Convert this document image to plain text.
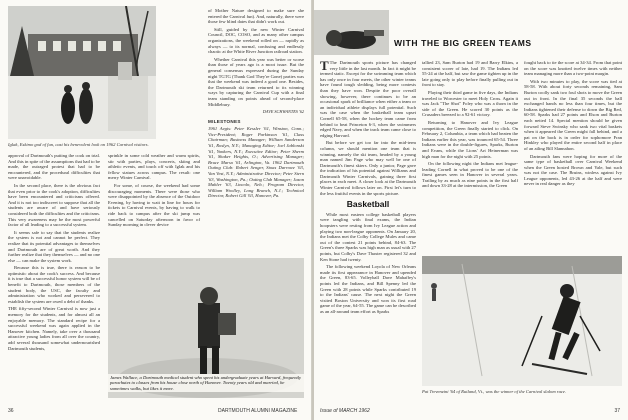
Iglak, Eskimo god of fun, cast his benevolent look on 1962 Carnival visitors.

approval of Dartmouth's putting the cook on trial. And this in spite of the assumptions that had to be made, the outraged protest that had to be encountered, and the procedural difficulties that were unavoidable.

In the second place, there is the obvious fact that even prior to the cook's adoption, difficulties have been encountered and criticisms offered. And it is not too indiscreet to suppose that all the students are aware of and have seriously considered both the difficulties and the criticisms. This very awareness may be the most powerful factor of all leading to a successful system.

It seems safe to say that the students realize the system is not and cannot be perfect. They realize that its potential advantages to themselves and Dartmouth are of great worth. And they further realize that they themselves — and no one else — can make the system work.

Because this is true, there is reason to be optimistic about the cook's success. And because it is true that a successful honor system will be of benefit to Dartmouth, those members of the student body, the USC, the faculty and administration who worked and persevered to establish the system are owed a debt of thanks.

THE fifty-second Winter Carnival is now just a memory for the students, and for almost all an enjoyable memory. The standard recipe for a successful weekend was again applied in the Hanover kitchen. Namely, take over a thousand attractive young ladies from all over the country, add several thousand somewhat undernourished Dartmouth students,

sprinkle in some cold weather and warm spirits, stir with parties, plays, concerts, skiing and athletic events, and touch off with Iglak and his fellow statues across campus. The result: one merry Winter Carnival.

For some, of course, the weekend had some discouraging moments. There were those who were disappointed by the absence of the Outdoor Evening, by having to wait in line for hours for tickets to Carnival events, by having to walk to ride back to campus after the ski jump was cancelled on Saturday afternoon in favor of Sunday morning in clever device

of Mother Nature designed to make sure she entered the Carnival fun). And, naturally, there were those few blind dates that didn't work out.

Still, guided by the new Winter Carnival Council, DOC, COSO, and as many other campus organizations, the weekend rolled on — rapidly as always — to its normal, confusing and endlessly chaotic at the White River Junction railroad station.

Whether Carnival this year was better or worse than those of years ago is a moot issue. But the general consensus expressed during the Sunday night TGTG (Thank God They're Gone) parties was that the weekend was indeed a good one. Besides, the Dartmouth ski team returned to its winning ways by capturing the Carnival Cup with a final team standing on points ahead of second-place Middlebury.

DAVE SCHWANTES '62
MILESTONES

1961 Aegis: Peter Kessler '61, Winston, Conn.; Vice-President; Roger Parkinson '61, Class Chairman; Business Manager; William Sanderson '61, Roslyn, N.Y.; Managing Editor; Joel Jablonski '61, Yonkers, N.Y.; Executive Editor; Peter Sherm '61, Shaker Heights, O.; Advertising Manager; Bruce Marso '61, Arlington, Va. 1962 Dartmouth Outing Club: Robert Senger, Stoas Darrowe '63, Van Vest, N.Y.; Administrative Director; Peter Stern '63, Washington, Pa.; Outing Club Manager; Jason Mahler '63, Lincoln, Neb.; Program Director, William Woolley, Long Branch, N.J.; Technical Director, Robert Gill '63, Hanover, Pa.

James Wallace, a Dartmouth medical student who spent his undergraduate years at Harvard, frequently parachutes to classes from his house close north of Hanover. Twenty years old and married, he sometimes walks, but likes it more.
36	DARTMOUTH ALUMNI MAGAZINE
WITH THE BIG GREEN TEAMS

T The Dartmouth sports picture has changed very little in the last month. In fact it might be termed static. Except for the swimming team which has only once in four meets, the other winter teams have found tough sledding, being more contests than they have won. Despite the poor overall showing, however, there continues to be an occasional spark of brilliance when either a team or an individual athlete displays full potential. Such was the case when the basketball team upset Cornell 65-58, when the hockey team came from behind to beat Princeton 6-3, when the swimmers edged Navy, and when the track team came close to edging Harvard.

But before we get too far into the mid-term column, we should mention one team that is winning, namely the ski team, headed by a young man named Jim Page who may well be one of Dartmouth's finest skiers. Only a junior, Page gave the indication of his potential against Williams and Dartmouth Winter Carnivals, gaining three first places in each meet. A closer look at the Dartmouth Winter Carnival follows later on. First let's turn to the less fruitful events in the sports picture.

Basketball

While most eastern college basketball players were tangling with final exams, the Indian hoopsters were resting from Ivy League action and playing two non-league opponents. On January 20, the Indians met the Colby College Mules and came out of the contest 21 points behind, 84-63. The Green's three Sparks was high man as usual with 27 points, but Colby's Dave Thaxter registered 32 and Ken Stone had twenty.

The following weekend Loyola of New Orleans made its first appearance in Hanover and upended the Green, 83-65. Volleyball Dave Mahaffey's points led the Indians, and Bill Spenny led the Green with 28 points while Sparks contributed 19 to the Indians' cause. The next night the Green visited Boston University and won its first road game of the year, 64-55. The game can be described as an all-around team effort as Sparks

tallied 23, Sam Burton had 19 and Barry Elkins, a consistent scorer of late, had 19. The Indians led 55-24 at the half, but saw the game tighten up in the late going only to play before finally pulling out in front to stay.

Playing their third game in five days, the Indians traveled to Worcester to meet Holy Cross. Again it was Jack "The Shot" Foley who was a thorn in the side of the Green. He scored 30 points as the Crusaders breezed to a 92-61 victory.

Returning to Hanover and Ivy League competition, the Green finally started to click. On February 2, Columbia, a team which had beaten the Indians earlier this year, was trounced 65-54. Three Indians were in the double-figures, Sparks, Burton and Evans, while the Lions' Art Heinerman was high man for the night with 25 points.

On the following night the Indians met league-leading Cornell in what proved to be one of the finest games seen in Hanover in several years. Trailing by as much as nine points in the first half and down 33-28 at the intermission, the Green

fought back to tie the score at 34-34. From that point on the score was knotted twelve times with neither team managing more than a two-point margin.

With two minutes to play, the score was tied at 58-58. With about forty seconds remaining, Sam Burton coolly sank two foul shots to move the Green out in front. In the final 35 seconds the ball exchanged hands no less than four times, but the Indians tightened their defense to down the Big Red, 60-58. Sparks had 27 points and Elson and Burton each netted 14. Special mention should be given forward Steve Swinsky who sank two vital baskets when it appeared the Green might fall behind, and a pat on the back is in order for sophomore Fran Hinkley who played the entire second half in place of an ailing Bill Slannahon.

Dartmouth fans were hoping for more of the same type of basketball over Carnival Weekend when the Green hosted Brown and Yale, but such was not the case. The Bruins, winless against Ivy League opponents, led 43-26 at the half and were never in real danger as they

Pat Trevenzini '64 of Rutland, Vt., was the winner of the Carnival slalom race.
Issue of MARCH 1962	37
